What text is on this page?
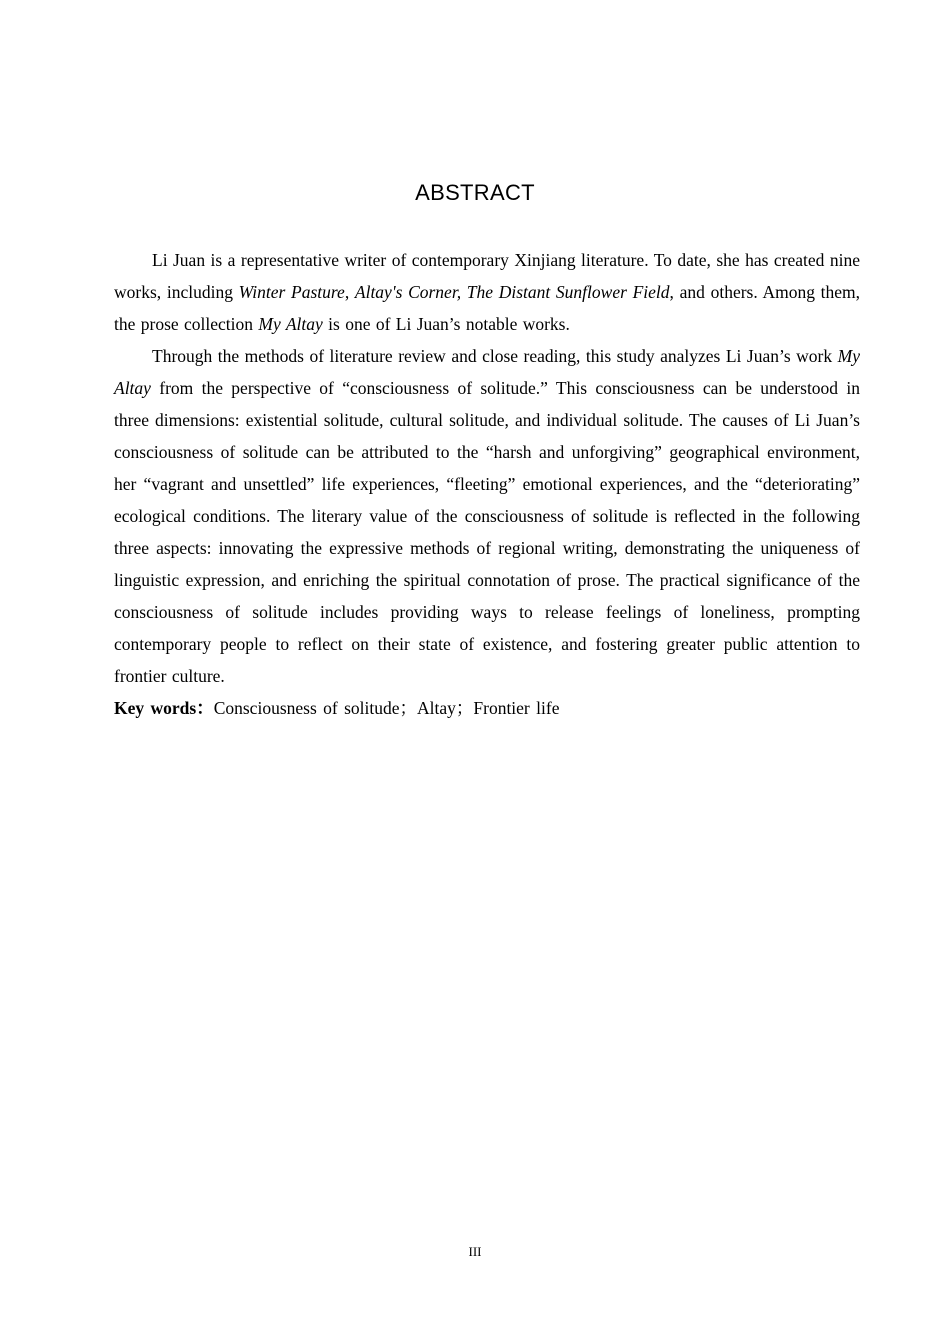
ABSTRACT

Li Juan is a representative writer of contemporary Xinjiang literature. To date, she has created nine works, including Winter Pasture, Altay's Corner, The Distant Sunflower Field, and others. Among them, the prose collection My Altay is one of Li Juan’s notable works.

Through the methods of literature review and close reading, this study analyzes Li Juan’s work My Altay from the perspective of “consciousness of solitude.” This consciousness can be understood in three dimensions: existential solitude, cultural solitude, and individual solitude. The causes of Li Juan’s consciousness of solitude can be attributed to the “harsh and unforgiving” geographical environment, her “vagrant and unsettled” life experiences, “fleeting” emotional experiences, and the “deteriorating” ecological conditions. The literary value of the consciousness of solitude is reflected in the following three aspects: innovating the expressive methods of regional writing, demonstrating the uniqueness of linguistic expression, and enriching the spiritual connotation of prose. The practical significance of the consciousness of solitude includes providing ways to release feelings of loneliness, prompting contemporary people to reflect on their state of existence, and fostering greater public attention to frontier culture.

Key words：Consciousness of solitude；Altay；Frontier life

III
